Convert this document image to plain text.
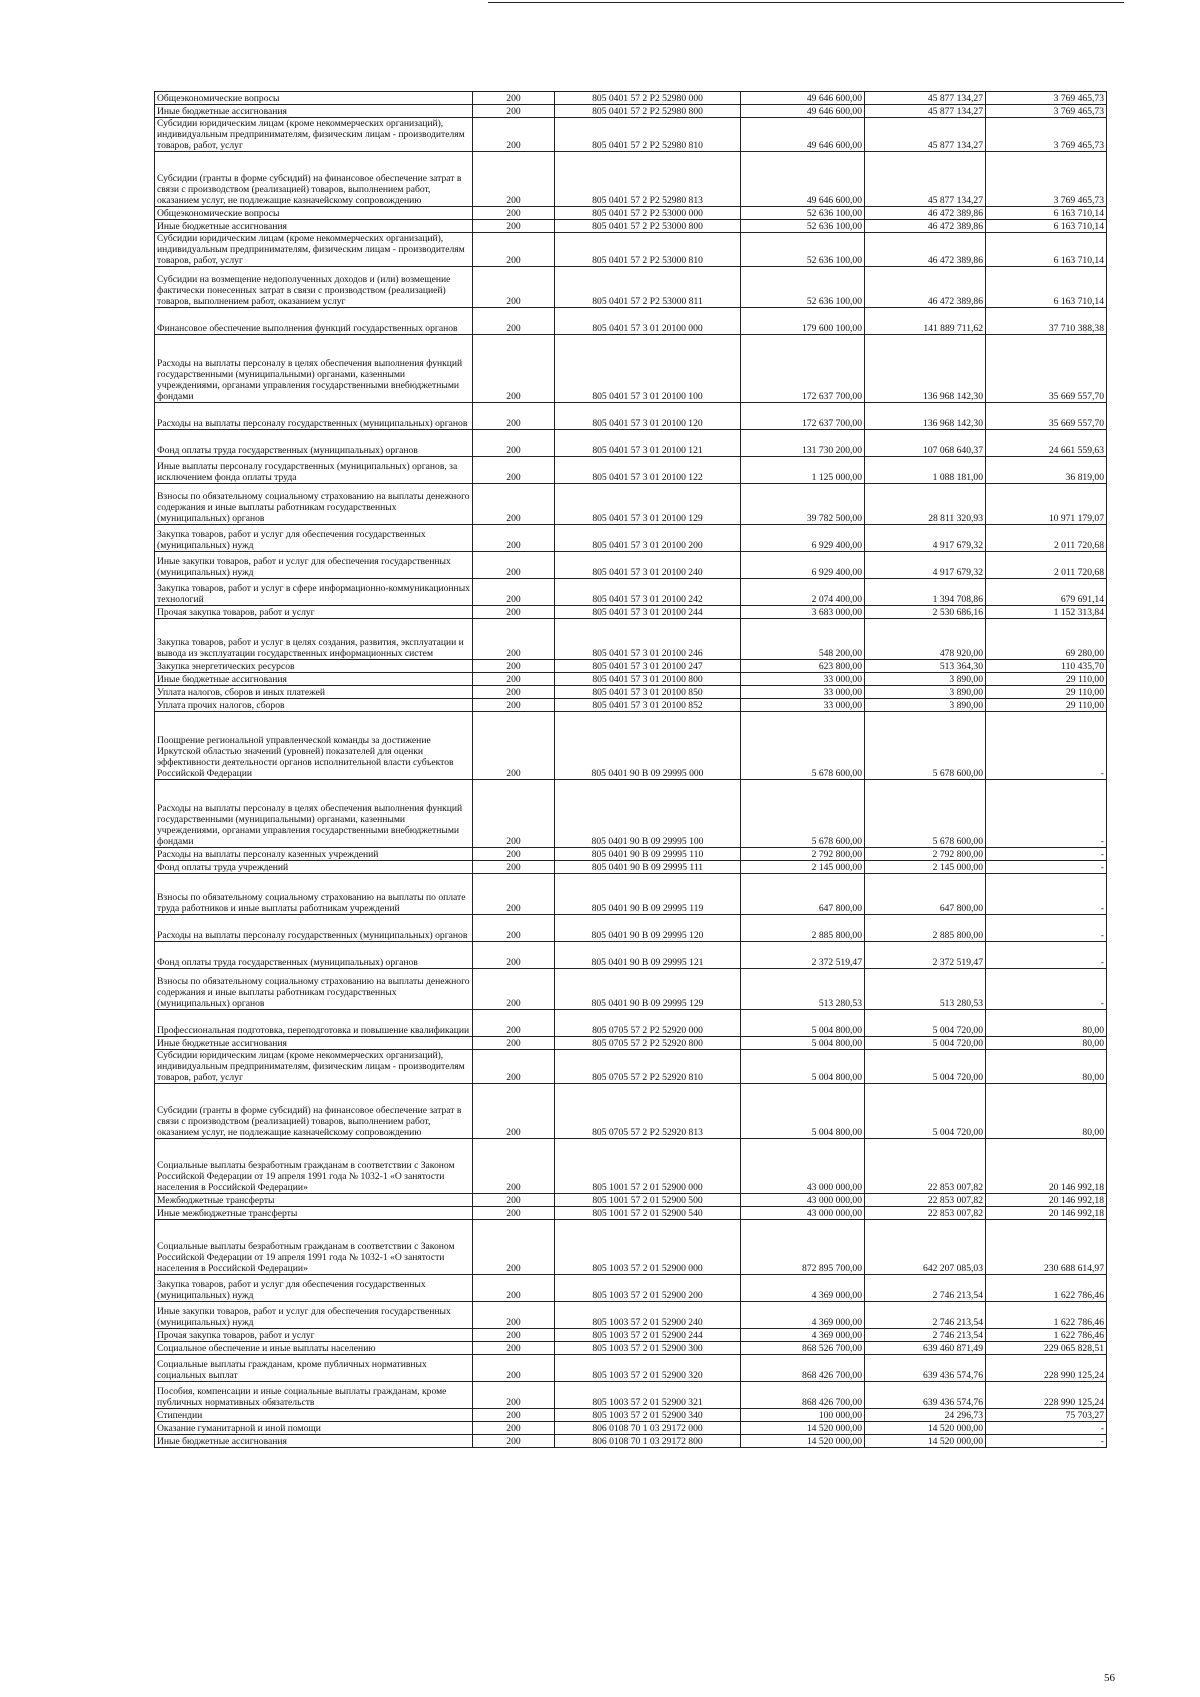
Общеэкономические вопросы	200	805 0401 57 2 Р2 52980 000	49 646 600,00	45 877 134,27	3 769 465,73
Иные бюджетные ассигнования	200	805 0401 57 2 Р2 52980 800	49 646 600,00	45 877 134,27	3 769 465,73
Субсидии юридическим лицам (кроме некоммерческих организаций), индивидуальным предпринимателям, физическим лицам - производителям товаров, работ, услуг	200	805 0401 57 2 Р2 52980 810	49 646 600,00	45 877 134,27	3 769 465,73
Субсидии (гранты в форме субсидий) на финансовое обеспечение затрат в связи с производством (реализацией) товаров, выполнением работ, оказанием услуг, не подлежащие казначейскому сопровождению	200	805 0401 57 2 Р2 52980 813	49 646 600,00	45 877 134,27	3 769 465,73
Общеэкономические вопросы	200	805 0401 57 2 Р2 53000 000	52 636 100,00	46 472 389,86	6 163 710,14
Иные бюджетные ассигнования	200	805 0401 57 2 Р2 53000 800	52 636 100,00	46 472 389,86	6 163 710,14
Субсидии юридическим лицам (кроме некоммерческих организаций), индивидуальным предпринимателям, физическим лицам - производителям товаров, работ, услуг	200	805 0401 57 2 Р2 53000 810	52 636 100,00	46 472 389,86	6 163 710,14
Субсидии на возмещение недополученных доходов и (или) возмещение фактически понесенных затрат в связи с производством (реализацией) товаров, выполнением работ, оказанием услуг	200	805 0401 57 2 Р2 53000 811	52 636 100,00	46 472 389,86	6 163 710,14
Финансовое обеспечение выполнения функций государственных органов	200	805 0401 57 3 01 20100 000	179 600 100,00	141 889 711,62	37 710 388,38
Расходы на выплаты персоналу в целях обеспечения выполнения функций государственными (муниципальными) органами, казенными учреждениями, органами управления государственными внебюджетными фондами	200	805 0401 57 3 01 20100 100	172 637 700,00	136 968 142,30	35 669 557,70
Расходы на выплаты персоналу государственных (муниципальных) органов	200	805 0401 57 3 01 20100 120	172 637 700,00	136 968 142,30	35 669 557,70
Фонд оплаты труда государственных (муниципальных) органов	200	805 0401 57 3 01 20100 121	131 730 200,00	107 068 640,37	24 661 559,63
Иные выплаты персоналу государственных (муниципальных) органов, за исключением фонда оплаты труда	200	805 0401 57 3 01 20100 122	1 125 000,00	1 088 181,00	36 819,00
Взносы по обязательному социальному страхованию на выплаты денежного содержания и иные выплаты работникам государственных (муниципальных) органов	200	805 0401 57 3 01 20100 129	39 782 500,00	28 811 320,93	10 971 179,07
Закупка товаров, работ и услуг для обеспечения государственных (муниципальных) нужд	200	805 0401 57 3 01 20100 200	6 929 400,00	4 917 679,32	2 011 720,68
Иные закупки товаров, работ и услуг для обеспечения государственных (муниципальных) нужд	200	805 0401 57 3 01 20100 240	6 929 400,00	4 917 679,32	2 011 720,68
Закупка товаров, работ и услуг в сфере информационно-коммуникационных технологий	200	805 0401 57 3 01 20100 242	2 074 400,00	1 394 708,86	679 691,14
Прочая закупка товаров, работ и услуг	200	805 0401 57 3 01 20100 244	3 683 000,00	2 530 686,16	1 152 313,84
Закупка товаров, работ и услуг в целях создания, развития, эксплуатации и вывода из эксплуатации государственных информационных систем	200	805 0401 57 3 01 20100 246	548 200,00	478 920,00	69 280,00
Закупка энергетических ресурсов	200	805 0401 57 3 01 20100 247	623 800,00	513 364,30	110 435,70
Иные бюджетные ассигнования	200	805 0401 57 3 01 20100 800	33 000,00	3 890,00	29 110,00
Уплата налогов, сборов и иных платежей	200	805 0401 57 3 01 20100 850	33 000,00	3 890,00	29 110,00
Уплата прочих налогов, сборов	200	805 0401 57 3 01 20100 852	33 000,00	3 890,00	29 110,00
Поощрение региональной управленческой команды за достижение Иркутской областью значений (уровней) показателей для оценки эффективности деятельности органов исполнительной власти субъектов Российской Федерации	200	805 0401 90 В 09 29995 000	5 678 600,00	5 678 600,00	-
Расходы на выплаты персоналу в целях обеспечения выполнения функций государственными (муниципальными) органами, казенными учреждениями, органами управления государственными внебюджетными фондами	200	805 0401 90 В 09 29995 100	5 678 600,00	5 678 600,00	-
Расходы на выплаты персоналу казенных учреждений	200	805 0401 90 В 09 29995 110	2 792 800,00	2 792 800,00	-
Фонд оплаты труда учреждений	200	805 0401 90 В 09 29995 111	2 145 000,00	2 145 000,00	-
Взносы по обязательному социальному страхованию на выплаты по оплате труда работников и иные выплаты работникам учреждений	200	805 0401 90 В 09 29995 119	647 800,00	647 800,00	-
Расходы на выплаты персоналу государственных (муниципальных) органов	200	805 0401 90 В 09 29995 120	2 885 800,00	2 885 800,00	-
Фонд оплаты труда государственных (муниципальных) органов	200	805 0401 90 В 09 29995 121	2 372 519,47	2 372 519,47	-
Взносы по обязательному социальному страхованию на выплаты денежного содержания и иные выплаты работникам государственных (муниципальных) органов	200	805 0401 90 В 09 29995 129	513 280,53	513 280,53	-
Профессиональная подготовка, переподготовка и повышение квалификации	200	805 0705 57 2 Р2 52920 000	5 004 800,00	5 004 720,00	80,00
Иные бюджетные ассигнования	200	805 0705 57 2 Р2 52920 800	5 004 800,00	5 004 720,00	80,00
Субсидии юридическим лицам (кроме некоммерческих организаций), индивидуальным предпринимателям, физическим лицам - производителям товаров, работ, услуг	200	805 0705 57 2 Р2 52920 810	5 004 800,00	5 004 720,00	80,00
Субсидии (гранты в форме субсидий) на финансовое обеспечение затрат в связи с производством (реализацией) товаров, выполнением работ, оказанием услуг, не подлежащие казначейскому сопровождению	200	805 0705 57 2 Р2 52920 813	5 004 800,00	5 004 720,00	80,00
Социальные выплаты безработным гражданам в соответствии с Законом Российской Федерации от 19 апреля 1991 года № 1032-1 «О занятости населения в Российской Федерации»	200	805 1001 57 2 01 52900 000	43 000 000,00	22 853 007,82	20 146 992,18
Межбюджетные трансферты	200	805 1001 57 2 01 52900 500	43 000 000,00	22 853 007,82	20 146 992,18
Иные межбюджетные трансферты	200	805 1001 57 2 01 52900 540	43 000 000,00	22 853 007,82	20 146 992,18
Социальные выплаты безработным гражданам в соответствии с Законом Российской Федерации от 19 апреля 1991 года № 1032-1 «О занятости населения в Российской Федерации»	200	805 1003 57 2 01 52900 000	872 895 700,00	642 207 085,03	230 688 614,97
Закупка товаров, работ и услуг для обеспечения государственных (муниципальных) нужд	200	805 1003 57 2 01 52900 200	4 369 000,00	2 746 213,54	1 622 786,46
Иные закупки товаров, работ и услуг для обеспечения государственных (муниципальных) нужд	200	805 1003 57 2 01 52900 240	4 369 000,00	2 746 213,54	1 622 786,46
Прочая закупка товаров, работ и услуг	200	805 1003 57 2 01 52900 244	4 369 000,00	2 746 213,54	1 622 786,46
Социальное обеспечение и иные выплаты населению	200	805 1003 57 2 01 52900 300	868 526 700,00	639 460 871,49	229 065 828,51
Социальные выплаты гражданам, кроме публичных нормативных социальных выплат	200	805 1003 57 2 01 52900 320	868 426 700,00	639 436 574,76	228 990 125,24
Пособия, компенсации и иные социальные выплаты гражданам, кроме публичных нормативных обязательств	200	805 1003 57 2 01 52900 321	868 426 700,00	639 436 574,76	228 990 125,24
Стипендии	200	805 1003 57 2 01 52900 340	100 000,00	24 296,73	75 703,27
Оказание гуманитарной и иной помощи	200	806 0108 70 1 03 29172 000	14 520 000,00	14 520 000,00	-
Иные бюджетные ассигнования	200	806 0108 70 1 03 29172 800	14 520 000,00	14 520 000,00	-
56
